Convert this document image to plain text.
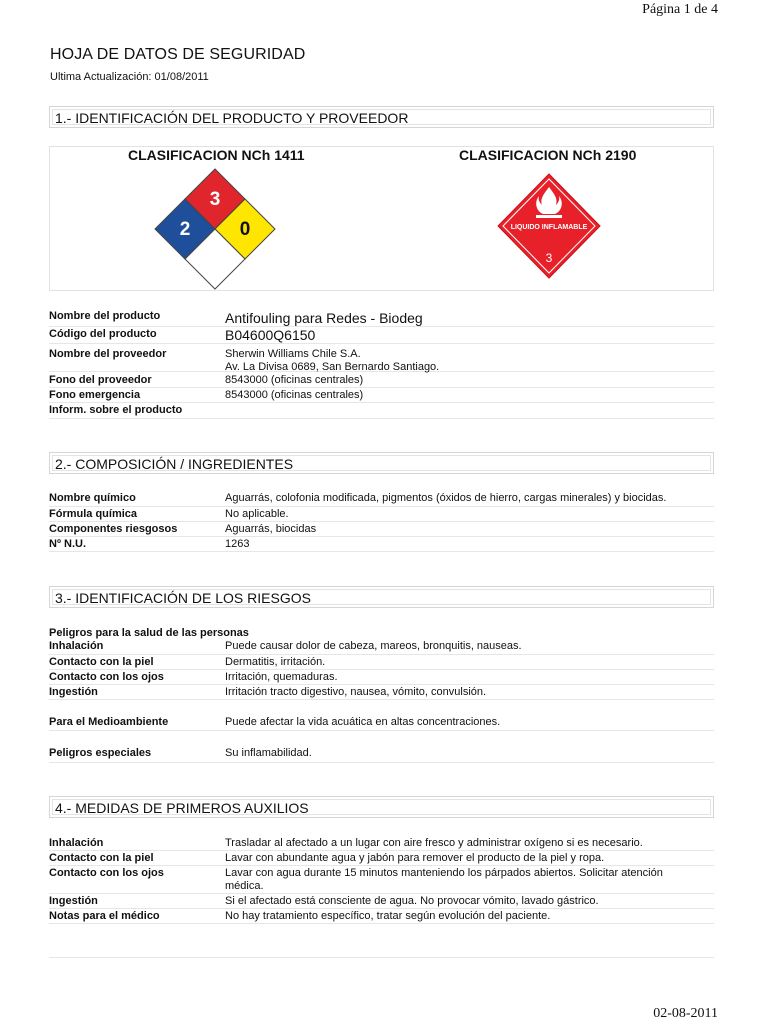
Página 1 de 4
HOJA DE DATOS DE SEGURIDAD
Ultima Actualización: 01/08/2011
1.- IDENTIFICACIÓN DEL PRODUCTO Y PROVEEDOR
CLASIFICACION NCh 1411	CLASIFICACION NCh 2190
3
2	0	LIQUIDO INFLAMABLE
3
Nombre del producto	Antifouling para Redes - Biodeg
Código del producto	B04600Q6150
Nombre del proveedor	Sherwin Williams Chile S.A.
Av. La Divisa 0689, San Bernardo Santiago.
Fono del proveedor	8543000 (oficinas centrales)
Fono emergencia	8543000 (oficinas centrales)
Inform. sobre el producto
2.- COMPOSICIÓN / INGREDIENTES
Nombre químico	Aguarrás, colofonia modificada, pigmentos (óxidos de hierro, cargas minerales) y biocidas.
Fórmula química	No aplicable.
Componentes riesgosos	Aguarrás, biocidas
Nº N.U.	1263
3.- IDENTIFICACIÓN DE LOS RIESGOS
Peligros para la salud de las personas
Inhalación	Puede causar dolor de cabeza, mareos, bronquitis, nauseas.
Contacto con la piel	Dermatitis, irritación.
Contacto con los ojos	Irritación, quemaduras.
Ingestión	Irritación tracto digestivo, nausea, vómito, convulsión.
Para el Medioambiente	Puede afectar la vida acuática en altas concentraciones.
Peligros especiales	Su inflamabilidad.
4.- MEDIDAS DE PRIMEROS AUXILIOS
Inhalación	Trasladar al afectado a un lugar con aire fresco y administrar oxígeno si es necesario.
Contacto con la piel	Lavar con abundante agua y jabón para remover el producto de la piel y ropa.
Contacto con los ojos	Lavar con agua durante 15 minutos manteniendo los párpados abiertos. Solicitar atención
médica.
Ingestión	Si el afectado está consciente de agua. No provocar vómito, lavado gástrico.
Notas para el médico	No hay tratamiento específico, tratar según evolución del paciente.
02-08-2011
